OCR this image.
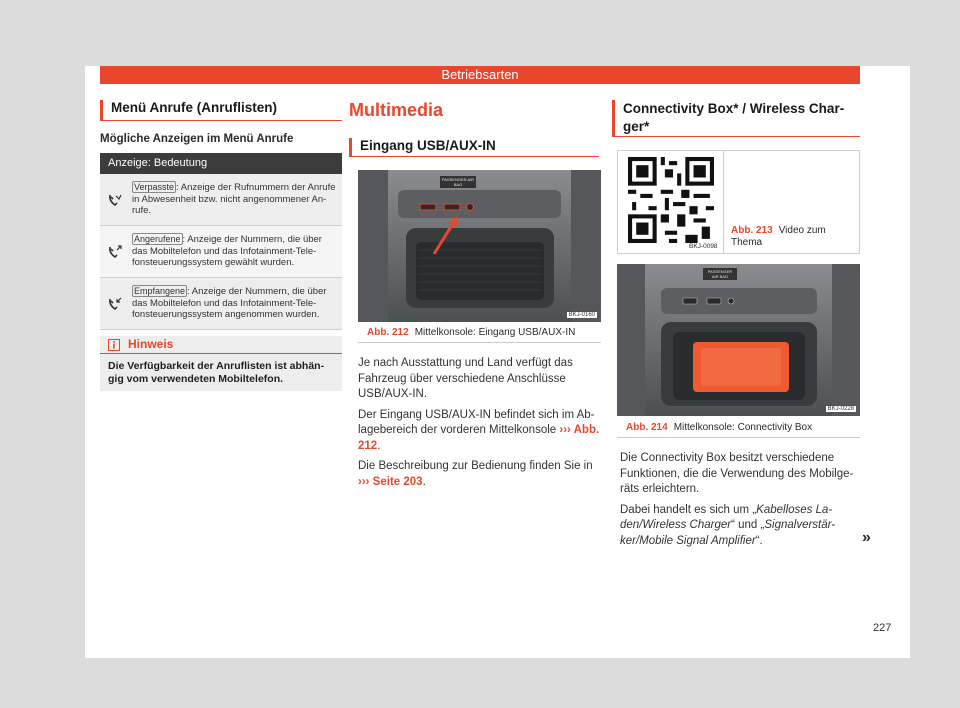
Betriebsarten
Menü Anrufe (Anruflisten)
Mögliche Anzeigen im Menü Anrufe
Anzeige: Bedeutung
Verpasste : Anzeige der Rufnummern der Anrufe in Abwesenheit bzw. nicht angenommener An-rufe.
Angerufene : Anzeige der Nummern, die über das Mobiltelefon und das Infotainment-Tele-fonsteuerungssystem gewählt wurden.
Empfangene : Anzeige der Nummern, die über das Mobiltelefon und das Infotainment-Tele-fonsteuerungssystem angenommen wurden.
Hinweis
Die Verfügbarkeit der Anruflisten ist abhän-gig vom verwendeten Mobiltelefon.
Multimedia
Eingang USB/AUX-IN
PASSENGER AIR BAG
BKJ-0160
Abb. 212 Mittelkonsole: Eingang USB/AUX-IN

Je nach Ausstattung und Land verfügt das Fahrzeug über verschiedene Anschlüsse USB/AUX-IN.

Der Eingang USB/AUX-IN befindet sich im Ab-lagebereich der vorderen Mittelkonsole ››› Abb. 212.

Die Beschreibung zur Bedienung finden Sie in ››› Seite 203.

Connectivity Box* / Wireless Char-ger*
BKJ-0098
Abb. 213 Video zum Thema
PASSENGER AIR BAG
BKJ-0228
Abb. 214 Mittelkonsole: Connectivity Box

Die Connectivity Box besitzt verschiedene Funktionen, die die Verwendung des Mobilge-räts erleichtern.

Dabei handelt es sich um „Kabelloses La-den/Wireless Charger“ und „Signalverstär-ker/Mobile Signal Amplifier“.	»
227
